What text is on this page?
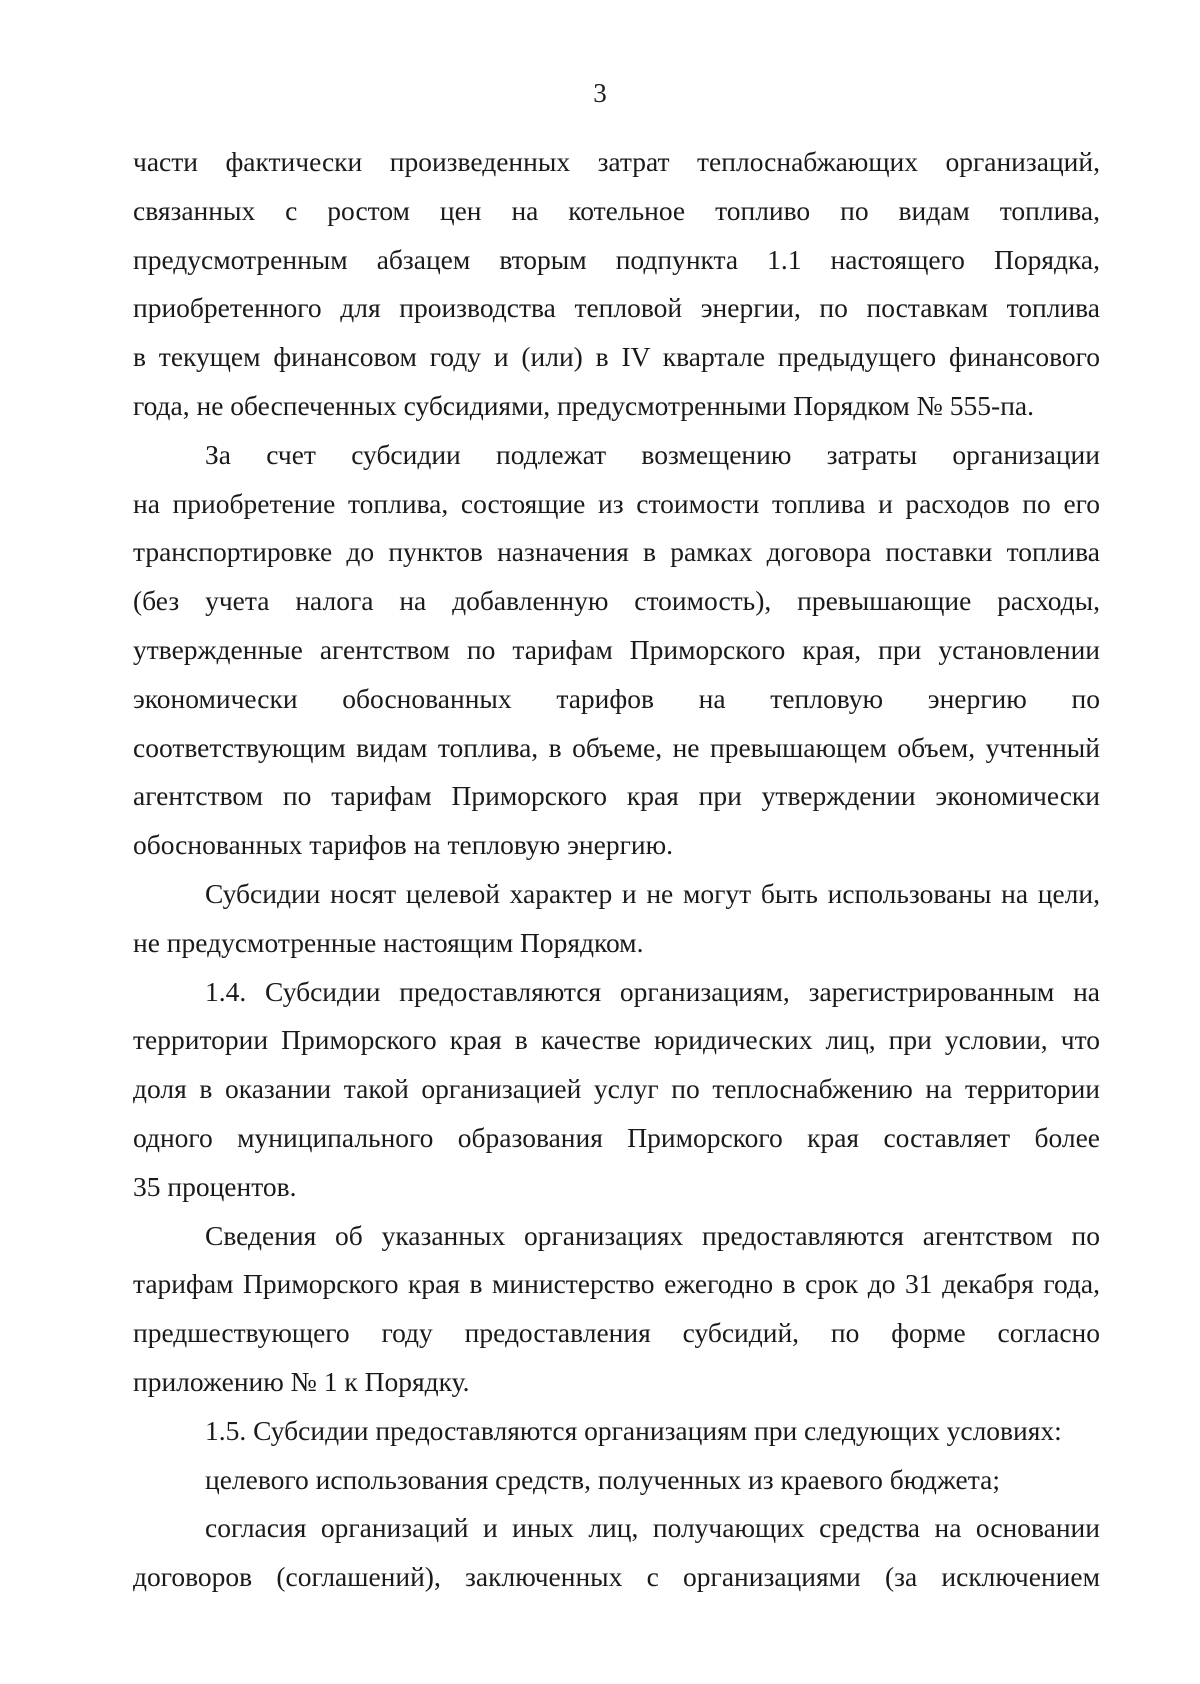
3
части фактически произведенных затрат теплоснабжающих организаций,
связанных с ростом цен на котельное топливо по видам топлива,
предусмотренным абзацем вторым подпункта 1.1 настоящего Порядка,
приобретенного для производства тепловой энергии, по поставкам топлива
в текущем финансовом году и (или) в IV квартале предыдущего финансового
года, не обеспеченных субсидиями, предусмотренными Порядком № 555-па.
За счет субсидии подлежат возмещению затраты организации
на приобретение топлива, состоящие из стоимости топлива и расходов по его
транспортировке до пунктов назначения в рамках договора поставки топлива
(без учета налога на добавленную стоимость), превышающие расходы,
утвержденные агентством по тарифам Приморского края, при установлении
экономически обоснованных тарифов на тепловую энергию по
соответствующим видам топлива, в объеме, не превышающем объем, учтенный
агентством по тарифам Приморского края при утверждении экономически
обоснованных тарифов на тепловую энергию.
Субсидии носят целевой характер и не могут быть использованы на цели,
не предусмотренные настоящим Порядком.
1.4. Субсидии предоставляются организациям, зарегистрированным на
территории Приморского края в качестве юридических лиц, при условии, что
доля в оказании такой организацией услуг по теплоснабжению на территории
одного муниципального образования Приморского края составляет более
35 процентов.
Сведения об указанных организациях предоставляются агентством по
тарифам Приморского края в министерство ежегодно в срок до 31 декабря года,
предшествующего году предоставления субсидий, по форме согласно
приложению № 1 к Порядку.
1.5. Субсидии предоставляются организациям при следующих условиях:
целевого использования средств, полученных из краевого бюджета;
согласия организаций и иных лиц, получающих средства на основании
договоров (соглашений), заключенных с организациями (за исключением
